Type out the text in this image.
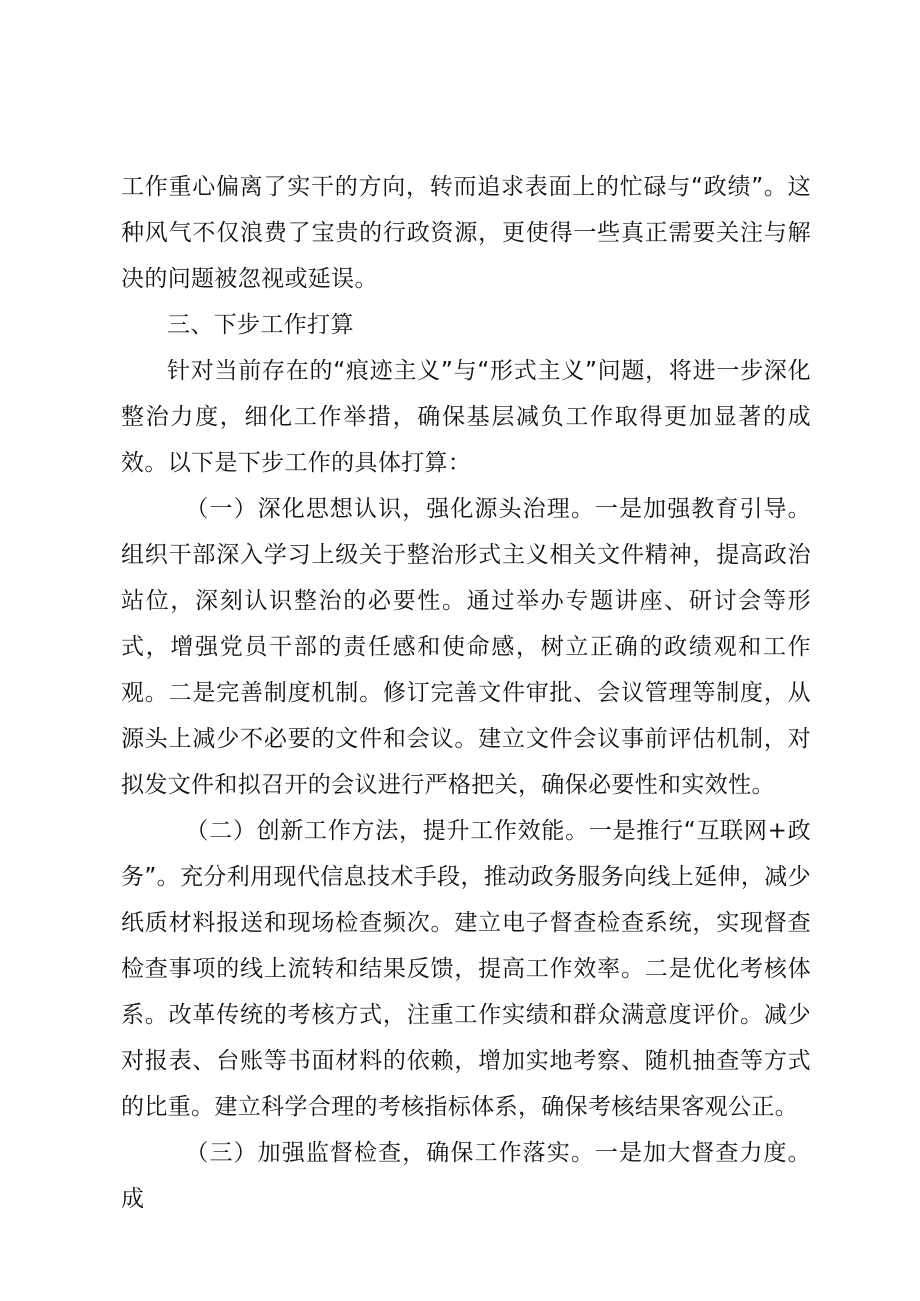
工作重心偏离了实干的方向，转而追求表面上的忙碌与“政绩”。这种风气不仅浪费了宝贵的行政资源，更使得一些真正需要关注与解决的问题被忽视或延误。

三、下步工作打算

针对当前存在的“痕迹主义”与“形式主义”问题，将进一步深化整治力度，细化工作举措，确保基层减负工作取得更加显著的成效。以下是下步工作的具体打算：

（一）深化思想认识，强化源头治理。一是加强教育引导。组织干部深入学习上级关于整治形式主义相关文件精神，提高政治站位，深刻认识整治的必要性。通过举办专题讲座、研讨会等形式，增强党员干部的责任感和使命感，树立正确的政绩观和工作观。二是完善制度机制。修订完善文件审批、会议管理等制度，从源头上减少不必要的文件和会议。建立文件会议事前评估机制，对拟发文件和拟召开的会议进行严格把关，确保必要性和实效性。

（二）创新工作方法，提升工作效能。一是推行“互联网+政务”。充分利用现代信息技术手段，推动政务服务向线上延伸，减少纸质材料报送和现场检查频次。建立电子督查检查系统，实现督查检查事项的线上流转和结果反馈，提高工作效率。二是优化考核体系。改革传统的考核方式，注重工作实绩和群众满意度评价。减少对报表、台账等书面材料的依赖，增加实地考察、随机抽查等方式的比重。建立科学合理的考核指标体系，确保考核结果客观公正。

（三）加强监督检查，确保工作落实。一是加大督查力度。成
